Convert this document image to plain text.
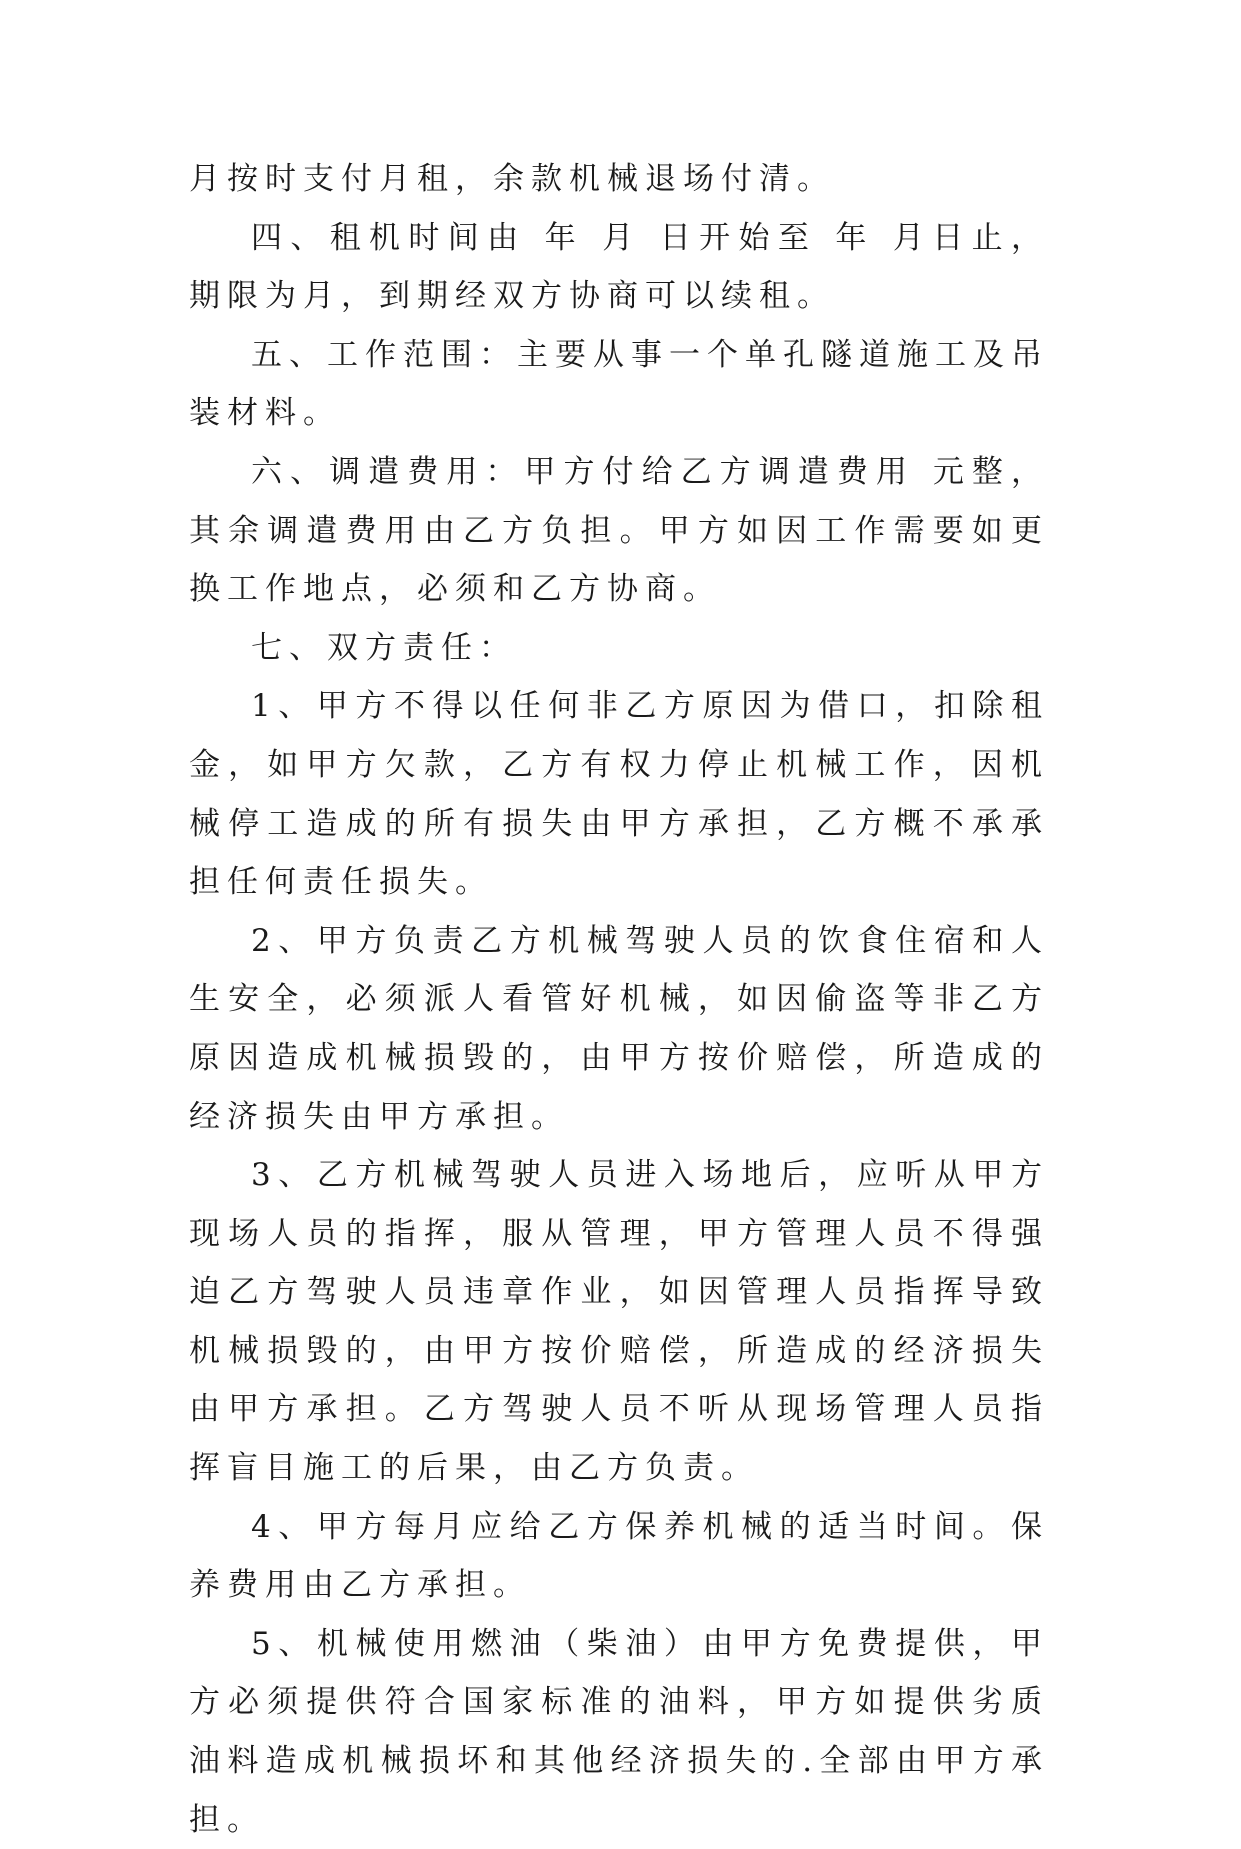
月按时支付月租，余款机械退场付清。

四、租机时间由 年 月 日开始至 年 月日止，期限为月，到期经双方协商可以续租。

五、工作范围：主要从事一个单孔隧道施工及吊装材料。

六、调遣费用：甲方付给乙方调遣费用 元整，其余调遣费用由乙方负担。甲方如因工作需要如更换工作地点，必须和乙方协商。

七、双方责任：

1、甲方不得以任何非乙方原因为借口，扣除租金，如甲方欠款，乙方有权力停止机械工作，因机械停工造成的所有损失由甲方承担，乙方概不承承担任何责任损失。

2、甲方负责乙方机械驾驶人员的饮食住宿和人生安全，必须派人看管好机械，如因偷盗等非乙方原因造成机械损毁的，由甲方按价赔偿，所造成的经济损失由甲方承担。

3、乙方机械驾驶人员进入场地后，应听从甲方现场人员的指挥，服从管理，甲方管理人员不得强迫乙方驾驶人员违章作业，如因管理人员指挥导致机械损毁的，由甲方按价赔偿，所造成的经济损失由甲方承担。乙方驾驶人员不听从现场管理人员指挥盲目施工的后果，由乙方负责。

4、甲方每月应给乙方保养机械的适当时间。保养费用由乙方承担。

5、机械使用燃油（柴油）由甲方免费提供，甲方必须提供符合国家标准的油料，甲方如提供劣质油料造成机械损坏和其他经济损失的.全部由甲方承担。
